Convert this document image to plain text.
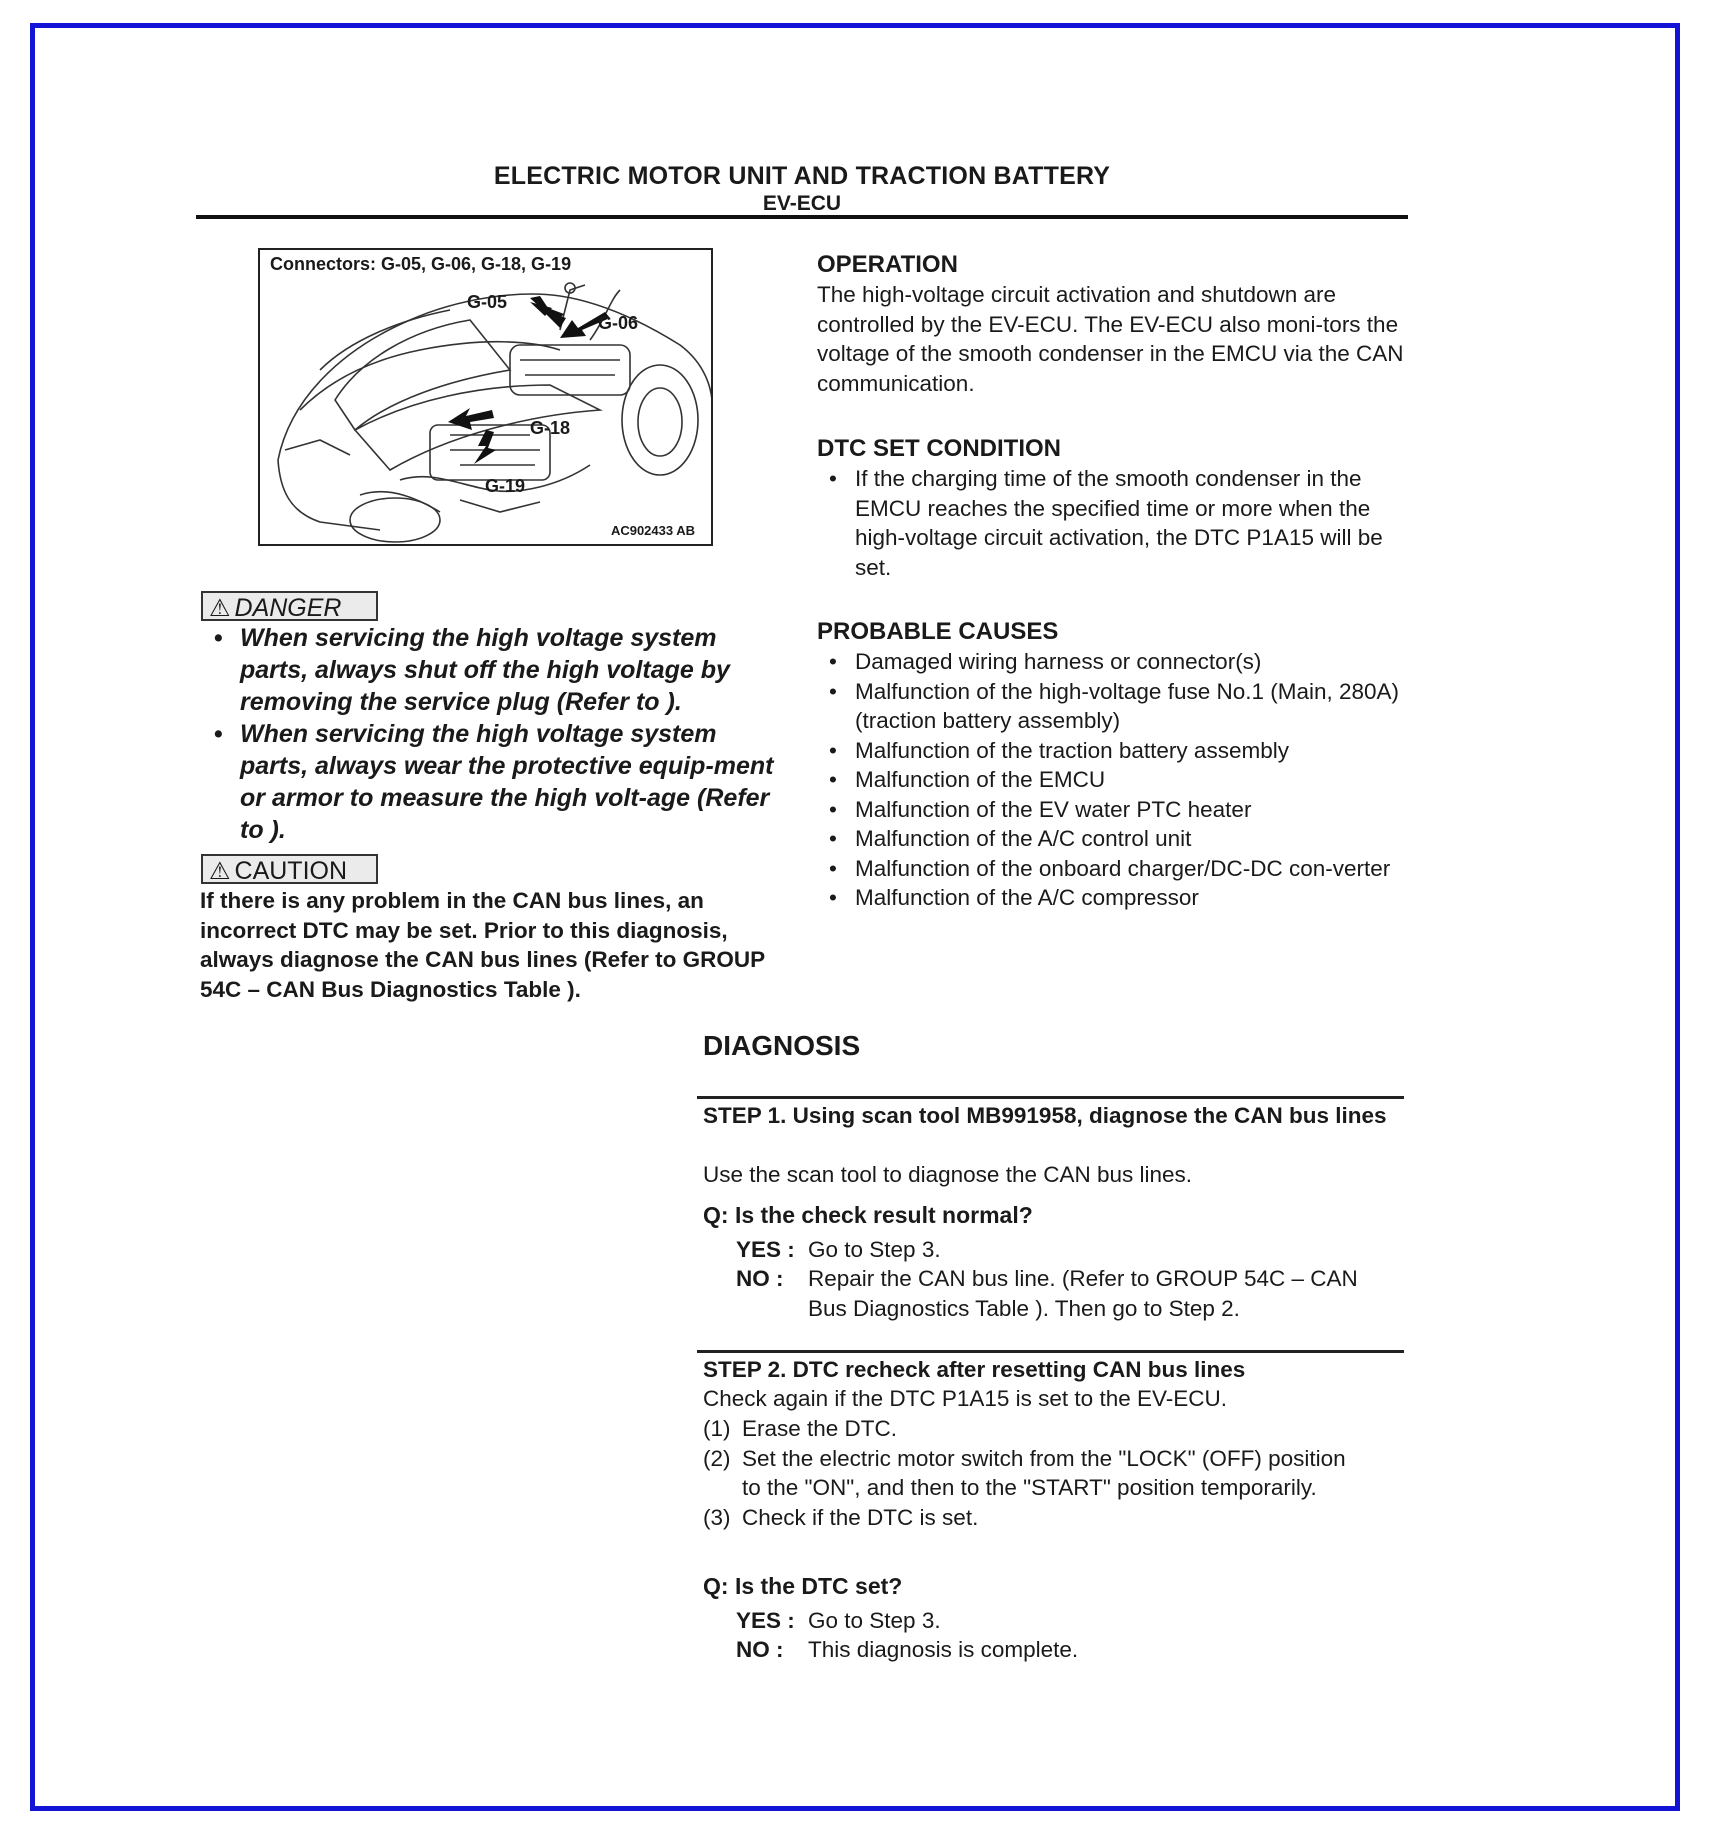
ELECTRIC MOTOR UNIT AND TRACTION BATTERY
EV-ECU
Connectors: G-05, G-06, G-18, G-19
G-05
G-06
G-18
G-19
AC902433 AB
⚠ DANGER
• When servicing the high voltage system parts, always shut off the high voltage by removing the service plug (Refer to ).
• When servicing the high voltage system parts, always wear the protective equip-ment or armor to measure the high volt-age (Refer to ).
⚠ CAUTION
If there is any problem in the CAN bus lines, an incorrect DTC may be set. Prior to this diagnosis, always diagnose the CAN bus lines (Refer to GROUP 54C – CAN Bus Diagnostics Table ).
OPERATION
The high-voltage circuit activation and shutdown are controlled by the EV-ECU. The EV-ECU also moni-tors the voltage of the smooth condenser in the EMCU via the CAN communication.
DTC SET CONDITION
• If the charging time of the smooth condenser in the EMCU reaches the specified time or more when the high-voltage circuit activation, the DTC P1A15 will be set.
PROBABLE CAUSES
• Damaged wiring harness or connector(s)
• Malfunction of the high-voltage fuse No.1 (Main, 280A) (traction battery assembly)
• Malfunction of the traction battery assembly
• Malfunction of the EMCU
• Malfunction of the EV water PTC heater
• Malfunction of the A/C control unit
• Malfunction of the onboard charger/DC-DC con-verter
• Malfunction of the A/C compressor
DIAGNOSIS
STEP 1. Using scan tool MB991958, diagnose the CAN bus lines
Use the scan tool to diagnose the CAN bus lines.
Q: Is the check result normal?
YES : Go to Step 3.
NO : Repair the CAN bus line. (Refer to GROUP 54C – CAN Bus Diagnostics Table ). Then go to Step 2.
STEP 2. DTC recheck after resetting CAN bus lines
Check again if the DTC P1A15 is set to the EV-ECU.
(1) Erase the DTC.
(2) Set the electric motor switch from the "LOCK" (OFF) position to the "ON", and then to the "START" position temporarily.
(3) Check if the DTC is set.
Q: Is the DTC set?
YES : Go to Step 3.
NO : This diagnosis is complete.
